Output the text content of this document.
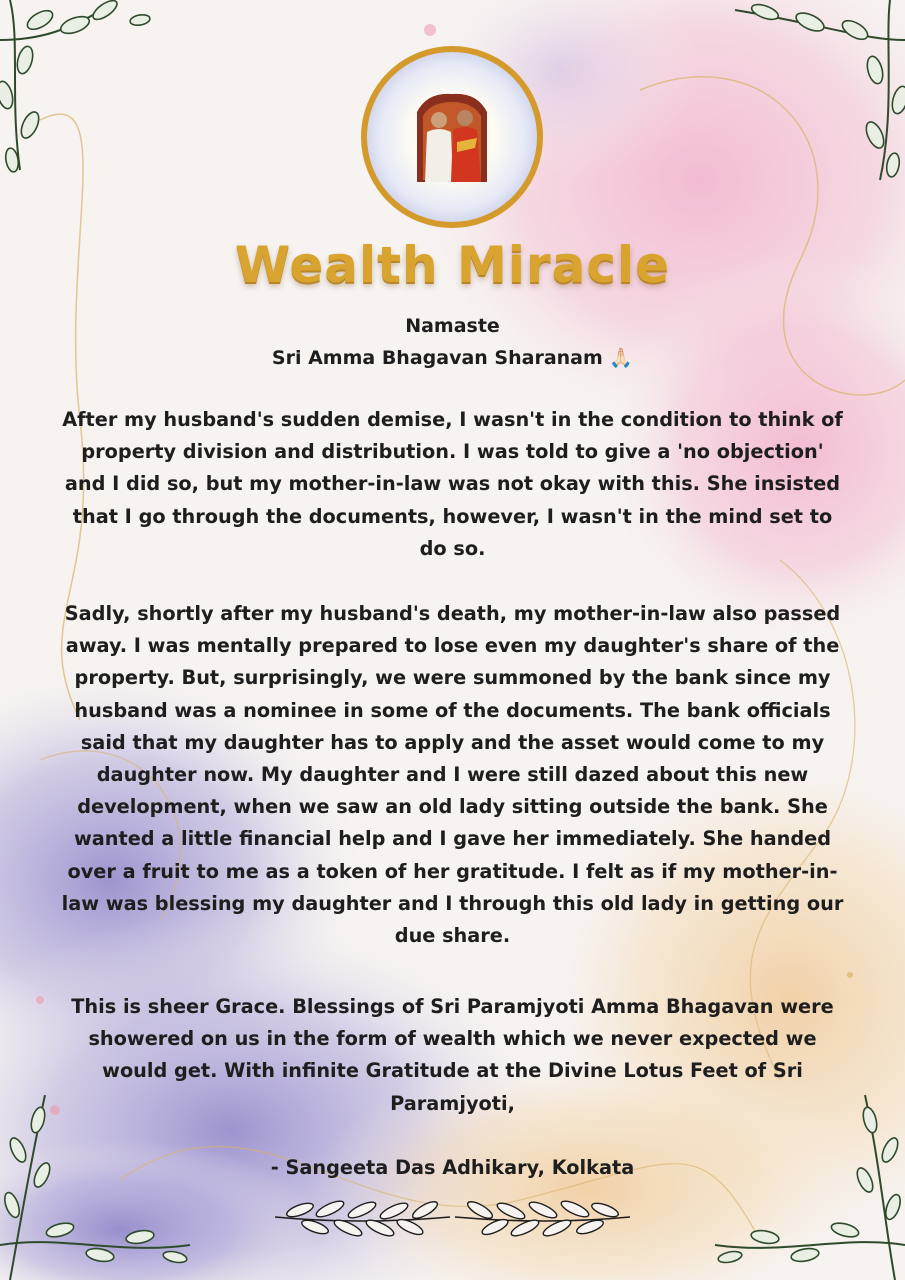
Wealth Miracle
Namaste
Sri Amma Bhagavan Sharanam 🙏🏻

After my husband's sudden demise, I wasn't in the condition to think of property division and distribution. I was told to give a 'no objection' and I did so, but my mother-in-law was not okay with this. She insisted that I go through the documents, however, I wasn't in the mind set to do so.

Sadly, shortly after my husband's death, my mother-in-law also passed away. I was mentally prepared to lose even my daughter's share of the property. But, surprisingly, we were summoned by the bank since my husband was a nominee in some of the documents. The bank officials said that my daughter has to apply and the asset would come to my daughter now. My daughter and I were still dazed about this new development, when we saw an old lady sitting outside the bank. She wanted a little financial help and I gave her immediately. She handed over a fruit to me as a token of her gratitude. I felt as if my mother-in-law was blessing my daughter and I through this old lady in getting our due share.

This is sheer Grace. Blessings of Sri Paramjyoti Amma Bhagavan were showered on us in the form of wealth which we never expected we would get. With infinite Gratitude at the Divine Lotus Feet of Sri Paramjyoti,

- Sangeeta Das Adhikary, Kolkata
